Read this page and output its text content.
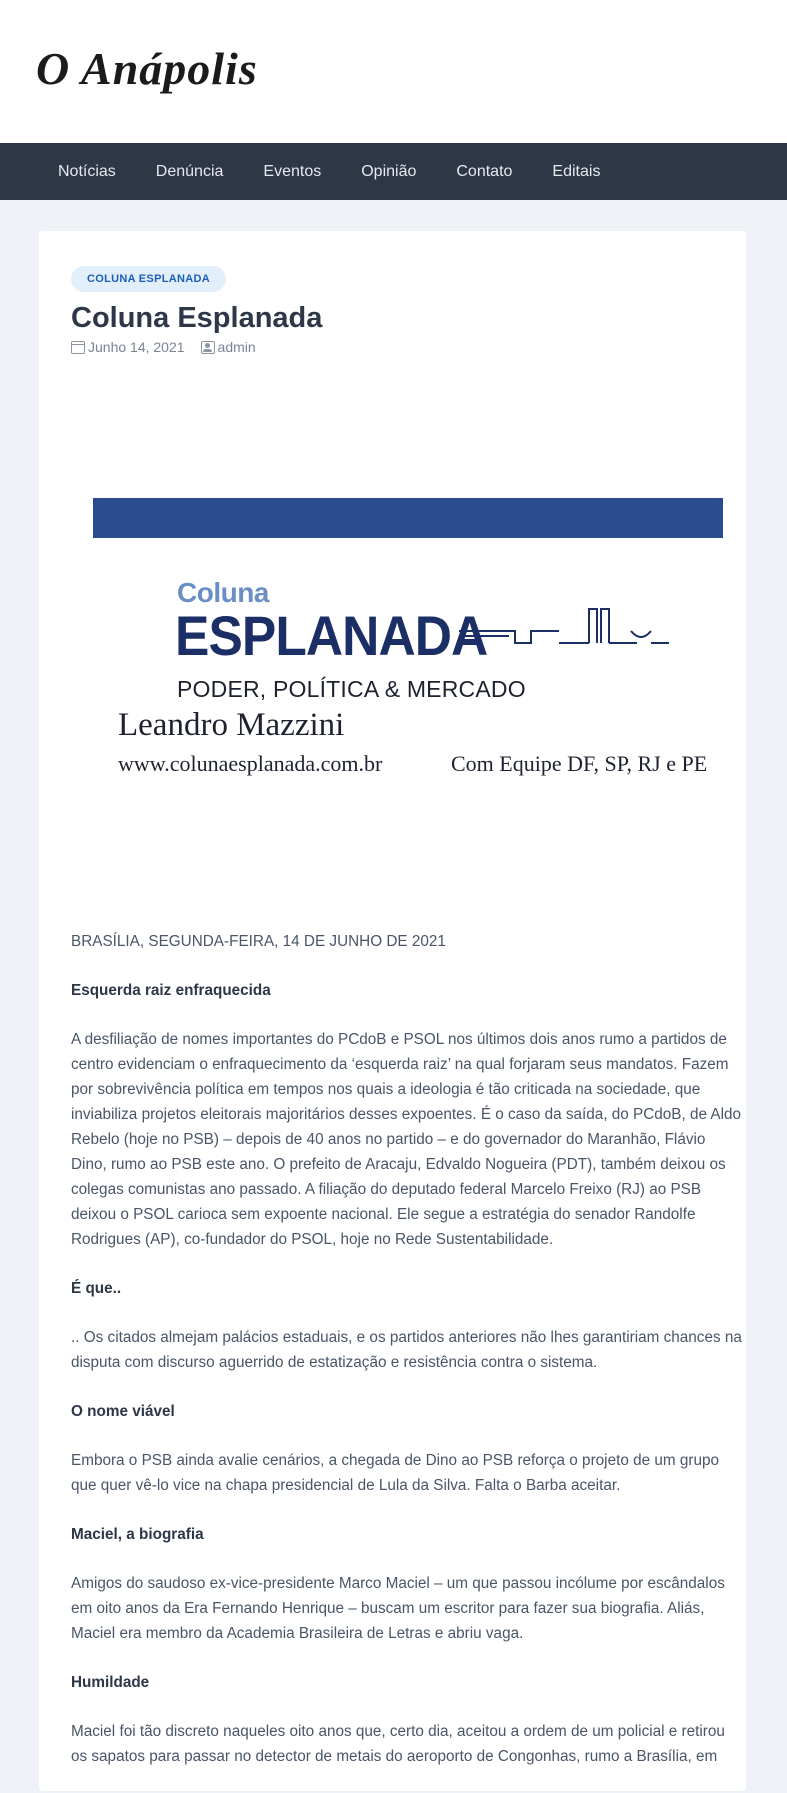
O Anápolis
Notícias	Denúncia	Eventos	Opinião	Contato	Editais
COLUNA ESPLANADA
Coluna Esplanada
Junho 14, 2021 admin
Coluna
ESPLANADA
PODER, POLÍTICA & MERCADO
Leandro Mazzini
www.colunaesplanada.com.br	Com Equipe DF, SP, RJ e PE

BRASÍLIA, SEGUNDA-FEIRA, 14 DE JUNHO DE 2021

Esquerda raiz enfraquecida

A desfiliação de nomes importantes do PCdoB e PSOL nos últimos dois anos rumo a partidos de centro evidenciam o enfraquecimento da ‘esquerda raiz’ na qual forjaram seus mandatos. Fazem por sobrevivência política em tempos nos quais a ideologia é tão criticada na sociedade, que inviabiliza projetos eleitorais majoritários desses expoentes. É o caso da saída, do PCdoB, de Aldo Rebelo (hoje no PSB) – depois de 40 anos no partido – e do governador do Maranhão, Flávio Dino, rumo ao PSB este ano. O prefeito de Aracaju, Edvaldo Nogueira (PDT), também deixou os colegas comunistas ano passado. A filiação do deputado federal Marcelo Freixo (RJ) ao PSB deixou o PSOL carioca sem expoente nacional. Ele segue a estratégia do senador Randolfe Rodrigues (AP), co-fundador do PSOL, hoje no Rede Sustentabilidade.

É que..

.. Os citados almejam palácios estaduais, e os partidos anteriores não lhes garantiriam chances na disputa com discurso aguerrido de estatização e resistência contra o sistema.

O nome viável

Embora o PSB ainda avalie cenários, a chegada de Dino ao PSB reforça o projeto de um grupo que quer vê-lo vice na chapa presidencial de Lula da Silva. Falta o Barba aceitar.

Maciel, a biografia

Amigos do saudoso ex-vice-presidente Marco Maciel – um que passou incólume por escândalos em oito anos da Era Fernando Henrique – buscam um escritor para fazer sua biografia. Aliás, Maciel era membro da Academia Brasileira de Letras e abriu vaga.

Humildade

Maciel foi tão discreto naqueles oito anos que, certo dia, aceitou a ordem de um policial e retirou os sapatos para passar no detector de metais do aeroporto de Congonhas, rumo a Brasília, em
